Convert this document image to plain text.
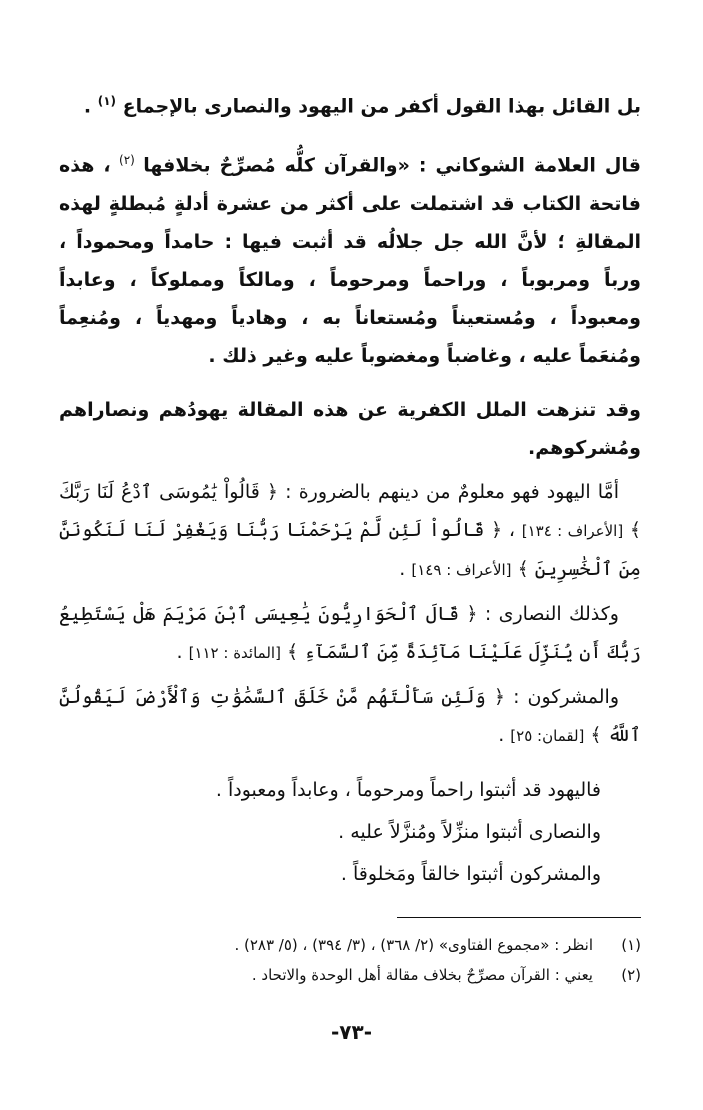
بل القائل بهذا القول أكفر من اليهود والنصارى بالإجماع $^{(١)}$ .

قال العلامة الشوكاني : «والقرآن كلُّه مُصرِّحٌ بخلافها $^{(٢)}$ ، هذه فاتحة الكتاب قد اشتملت على أكثر من عشرة أدلةٍ مُبطلةٍ لهذه المقالةِ ؛ لأنَّ الله جل جلالُه قد أثبت فيها : حامداً ومحموداً ، ورباً ومربوباً ، وراحماً ومرحوماً ، ومالكاً ومملوكاً ، وعابداً ومعبوداً ، ومُستعيناً ومُستعاناً به ، وهادياً ومهدياً ، ومُنعِماً ومُنعَماً عليه ، وغاضباً ومغضوباً عليه وغير ذلك .

وقد تنزهت الملل الكفرية عن هذه المقالة يهودُهم ونصاراهم ومُشركوهم.

أمَّا اليهود فهو معلومٌ من دينهم بالضرورة : ﴿ قَالُواْ يَٰمُوسَى ٱدْعُ لَنَا رَبَّكَ ﴾ [الأعراف : ١٣٤] ، ﴿ قَالُواْ لَئِن لَّمْ يَرْحَمْنَا رَبُّنَا وَيَغْفِرْ لَنَا لَنَكُونَنَّ مِنَ ٱلْخَٰسِرِينَ ﴾ [الأعراف : ١٤٩] .

وكذلك النصارى : ﴿ قَالَ ٱلْحَوَارِيُّونَ يَٰعِيسَى ٱبْنَ مَرْيَمَ هَلْ يَسْتَطِيعُ رَبُّكَ أَن يُنَزِّلَ عَلَيْنَا مَآئِدَةً مِّنَ ٱلسَّمَآءِ ﴾ [المائدة : ١١٢] .

والمشركون : ﴿ وَلَئِن سَأَلْتَهُم مَّنْ خَلَقَ ٱلسَّمَٰوَٰتِ وَٱلْأَرْضَ لَيَقُولُنَّ ٱللَّهُ ﴾ [لقمان: ٢٥] .

فاليهود قد أثبتوا راحماً ومرحوماً ، وعابداً ومعبوداً .

والنصارى أثبتوا منزِّلاً ومُنزَّلاً عليه .

والمشركون أثبتوا خالقاً ومَخلوقاً .

(١)
انظر : «مجموع الفتاوى» (٢/ ٣٦٨) ، (٣/ ٣٩٤) ، (٥/ ٢٨٣) .
(٢)
يعني : القرآن مصرِّحٌ بخلاف مقالة أهل الوحدة والاتحاد .
-٧٣-
